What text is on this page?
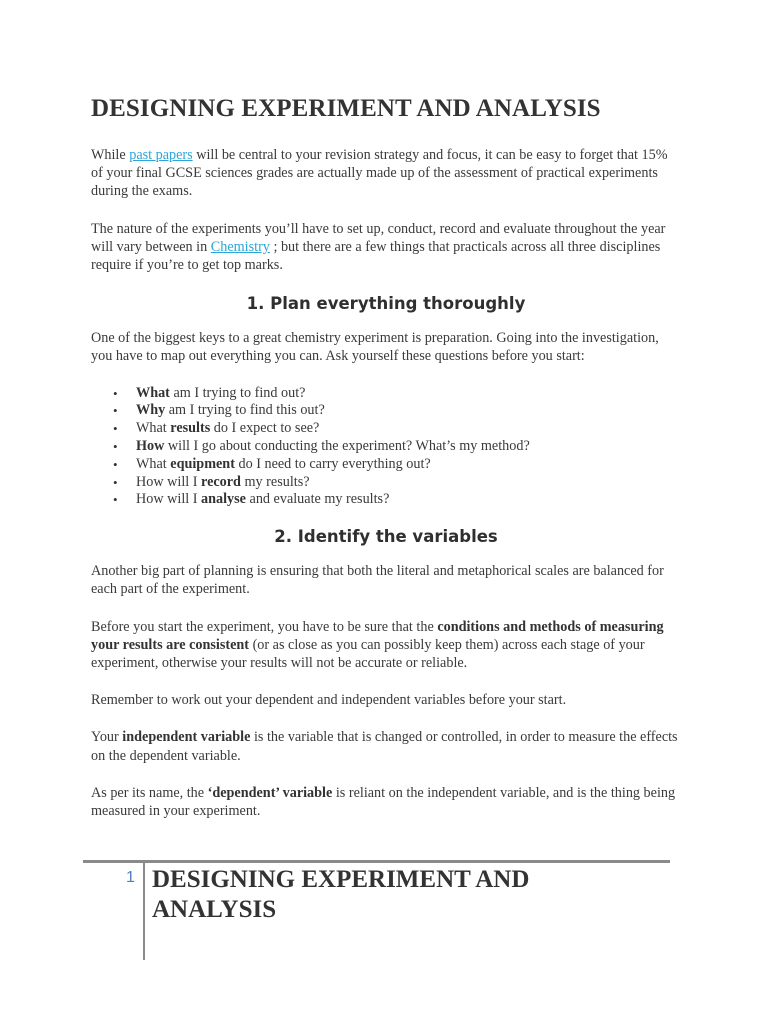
DESIGNING EXPERIMENT AND ANALYSIS

While past papers will be central to your revision strategy and focus, it can be easy to forget that 15% of your final GCSE sciences grades are actually made up of the assessment of practical experiments during the exams.

The nature of the experiments you’ll have to set up, conduct, record and evaluate throughout the year will vary between in Chemistry ; but there are a few things that practicals across all three disciplines require if you’re to get top marks.

1. Plan everything thoroughly

One of the biggest keys to a great chemistry experiment is preparation. Going into the investigation, you have to map out everything you can. Ask yourself these questions before you start:

• What am I trying to find out?
• Why am I trying to find this out?
• What results do I expect to see?
• How will I go about conducting the experiment? What’s my method?
• What equipment do I need to carry everything out?
• How will I record my results?
• How will I analyse and evaluate my results?
2. Identify the variables

Another big part of planning is ensuring that both the literal and metaphorical scales are balanced for each part of the experiment.

Before you start the experiment, you have to be sure that the conditions and methods of measuring your results are consistent (or as close as you can possibly keep them) across each stage of your experiment, otherwise your results will not be accurate or reliable.

Remember to work out your dependent and independent variables before your start.

Your independent variable is the variable that is changed or controlled, in order to measure the effects on the dependent variable.

As per its name, the ‘dependent’ variable is reliant on the independent variable, and is the thing being measured in your experiment.

1 DESIGNING EXPERIMENT AND ANALYSIS
